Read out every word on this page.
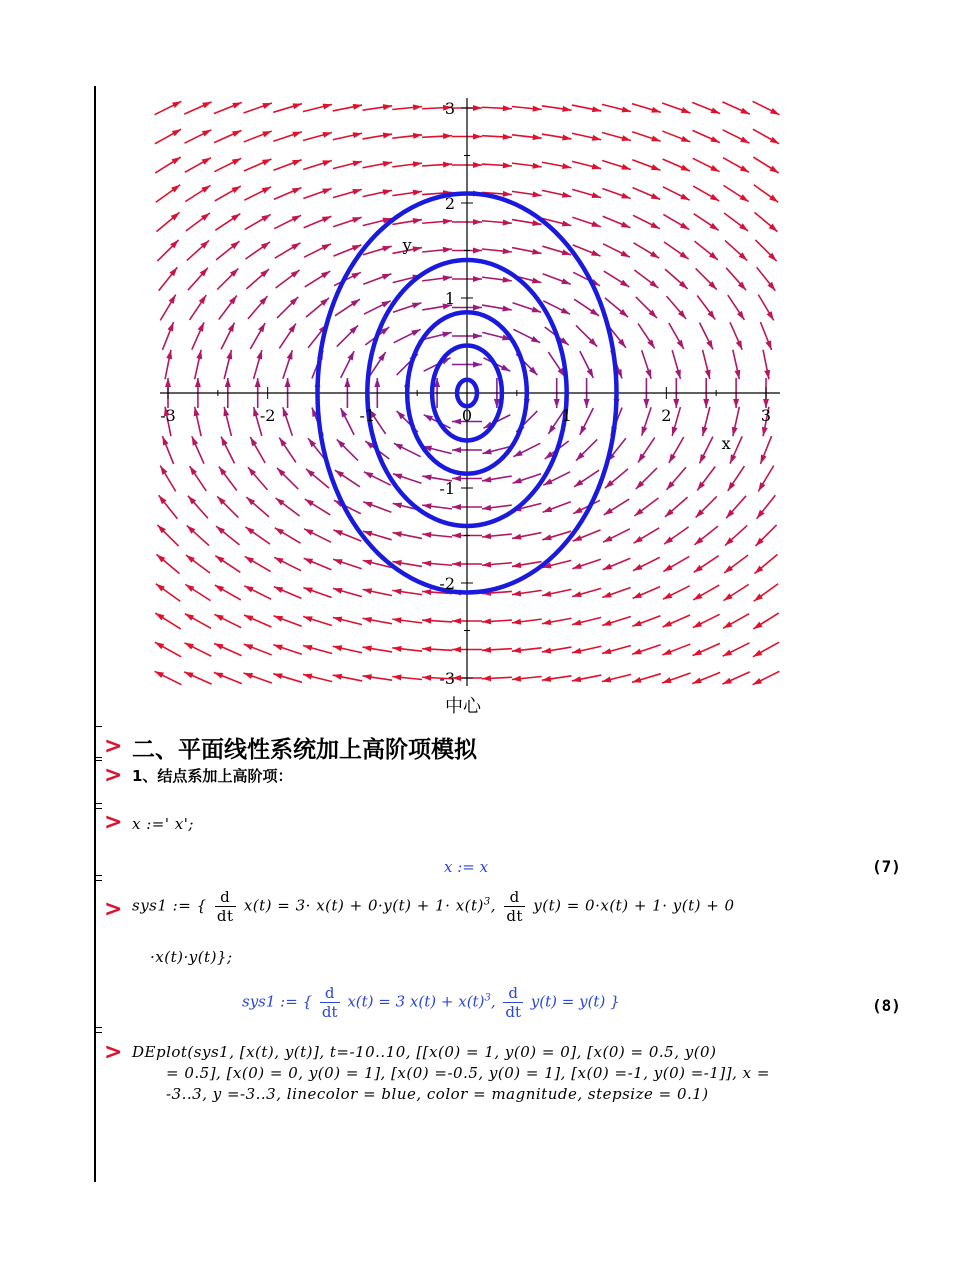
-3	-2	-1	0	1	2	3
3
2
1
-1
-2
-3
x
y
中心
> 二、平面线性系统加上高阶项模拟
> 1、结点系加上高阶项：
> x :=' x';
x := x	(7)
> sys1 := { $\frac{d}{dt} x(t) = 3\cdot x(t) + 0\cdot y(t) + 1\cdot x(t)^3$, $\frac{d}{dt} y(t) = 0\cdot x(t) + 1\cdot y(t) + 0$
·x(t)·y(t)};
sys1 := { $\frac{d}{dt} x(t) = 3$ $x(t) + x(t)^3$, $\frac{d}{dt} y(t) = y(t)$ }	(8)
> DEplot(sys1, [x(t), y(t)], t=-10..10, [[x(0) = 1, y(0) = 0], [x(0) = 0.5, y(0)
= 0.5], [x(0) = 0, y(0) = 1], [x(0) =-0.5, y(0) = 1], [x(0) =-1, y(0) =-1]], x =
-3..3, y =-3..3, linecolor = blue, color = magnitude, stepsize = 0.1)
